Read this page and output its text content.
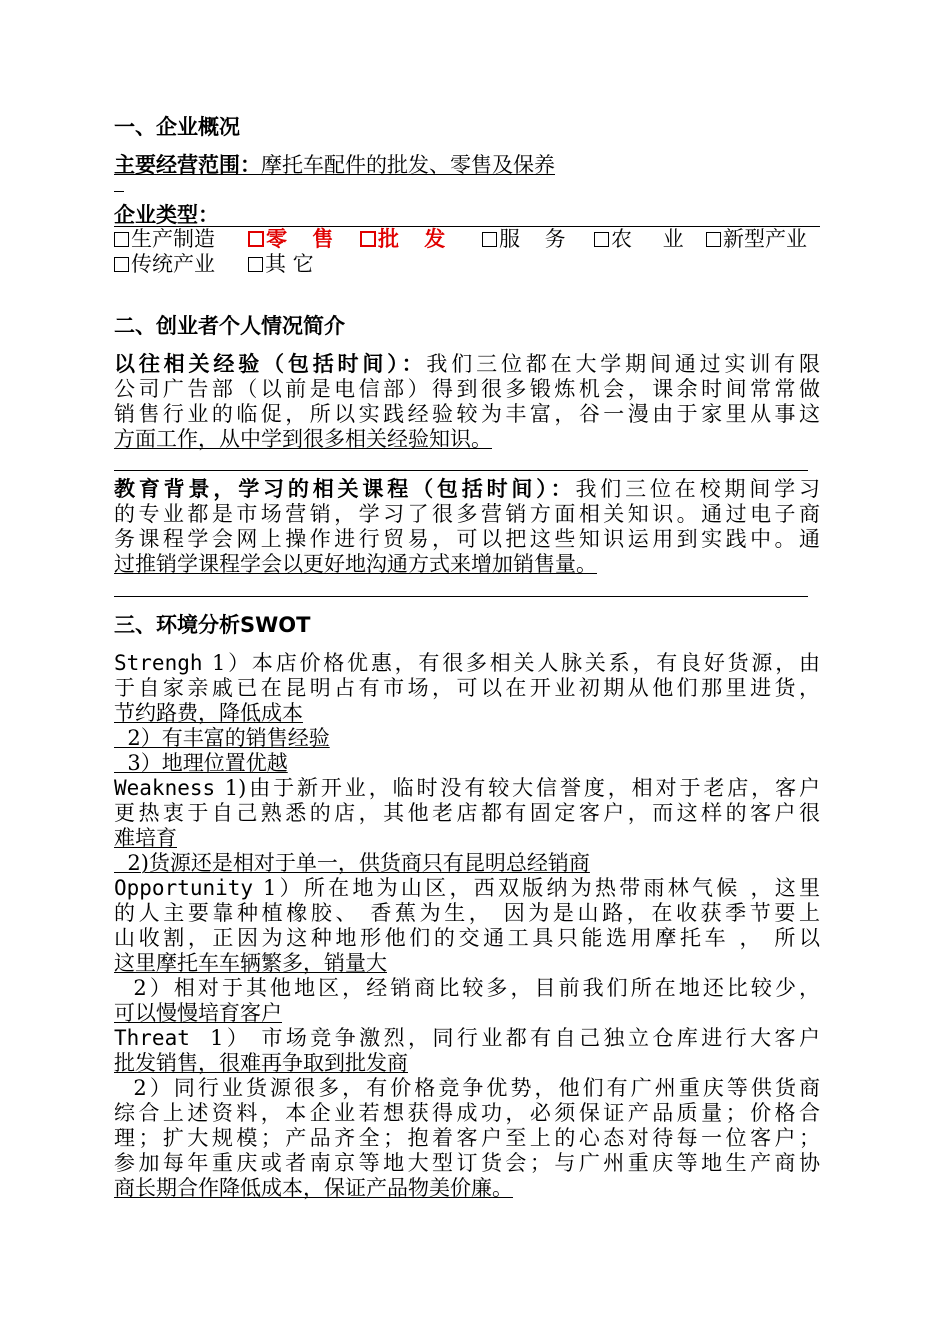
一、企业概况
主要经营范围：摩托车配件的批发、零售及保养
企业类型：
生产制造	零 售	批 发	服 务	农 业	新型产业
传统产业	其 它
二、创业者个人情况简介
以往相关经验（包括时间）：我们三位都在大学期间通过实训有限
公司广告部（以前是电信部）得到很多锻炼机会，课余时间常常做
销售行业的临促，所以实践经验较为丰富，谷一漫由于家里从事这
方面工作，从中学到很多相关经验知识。
教育背景，学习的相关课程（包括时间）：我们三位在校期间学习
的专业都是市场营销，学习了很多营销方面相关知识。通过电子商
务课程学会网上操作进行贸易，可以把这些知识运用到实践中。通
过推销学课程学会以更好地沟通方式来增加销售量。
三、环境分析SWOT
Strengh 1）本店价格优惠，有很多相关人脉关系，有良好货源，由
于自家亲戚已在昆明占有市场，可以在开业初期从他们那里进货，
节约路费，降低成本
2）有丰富的销售经验
3）地理位置优越
Weakness 1)由于新开业，临时没有较大信誉度，相对于老店，客户
更热衷于自己熟悉的店，其他老店都有固定客户，而这样的客户很
难培育
2)货源还是相对于单一，供货商只有昆明总经销商
Opportunity 1）所在地为山区，西双版纳为热带雨林气候 ，这里
的人主要靠种植橡胶、 香蕉为生， 因为是山路，在收获季节要上
山收割，正因为这种地形他们的交通工具只能选用摩托车 ， 所以
这里摩托车车辆繁多，销量大
2）相对于其他地区，经销商比较多，目前我们所在地还比较少，
可以慢慢培育客户
Threat  1） 市场竞争激烈，同行业都有自己独立仓库进行大客户
批发销售，很难再争取到批发商
2）同行业货源很多，有价格竞争优势，他们有广州重庆等供货商
综合上述资料，本企业若想获得成功，必须保证产品质量；价格合
理；扩大规模；产品齐全；抱着客户至上的心态对待每一位客户；
参加每年重庆或者南京等地大型订货会；与广州重庆等地生产商协
商长期合作降低成本，保证产品物美价廉。
